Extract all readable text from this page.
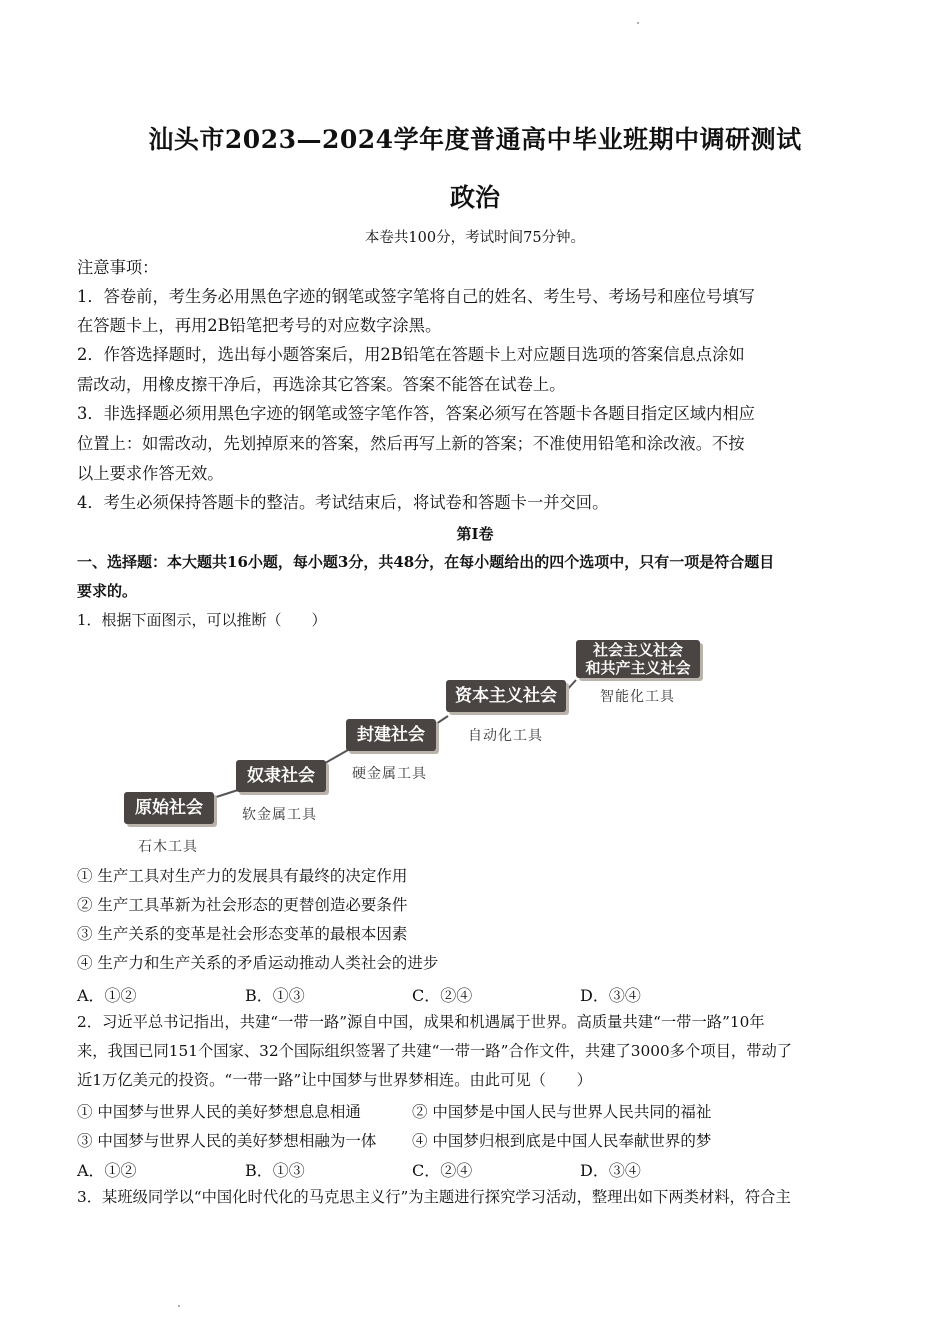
汕头市2023—2024学年度普通高中毕业班期中调研测试
政治
本卷共100分，考试时间75分钟。
注意事项：
1．答卷前，考生务必用黑色字迹的钢笔或签字笔将自己的姓名、考生号、考场号和座位号填写
在答题卡上，再用2B铅笔把考号的对应数字涂黑。
2．作答选择题时，选出每小题答案后，用2B铅笔在答题卡上对应题目选项的答案信息点涂如
需改动，用橡皮擦干净后，再选涂其它答案。答案不能答在试卷上。
3．非选择题必须用黑色字迹的钢笔或签字笔作答，答案必须写在答题卡各题目指定区域内相应
位置上：如需改动，先划掉原来的答案，然后再写上新的答案；不准使用铅笔和涂改液。不按
以上要求作答无效。
4．考生必须保持答题卡的整洁。考试结束后，将试卷和答题卡一并交回。
第Ⅰ卷
一、选择题：本大题共16小题，每小题3分，共48分，在每小题给出的四个选项中，只有一项是符合题目
要求的。
1．根据下面图示，可以推断（　　）
原始社会
石木工具
奴隶社会
软金属工具
封建社会
硬金属工具
资本主义社会
自动化工具
社会主义社会
和共产主义社会
智能化工具
① 生产工具对生产力的发展具有最终的决定作用
② 生产工具革新为社会形态的更替创造必要条件
③ 生产关系的变革是社会形态变革的最根本因素
④ 生产力和生产关系的矛盾运动推动人类社会的进步
A．①②	B．①③	C．②④	D．③④
2．习近平总书记指出，共建“一带一路”源自中国，成果和机遇属于世界。高质量共建“一带一路”10年
来，我国已同151个国家、32个国际组织签署了共建“一带一路”合作文件，共建了3000多个项目，带动了
近1万亿美元的投资。“一带一路”让中国梦与世界梦相连。由此可见（　　）
① 中国梦与世界人民的美好梦想息息相通	② 中国梦是中国人民与世界人民共同的福祉
③ 中国梦与世界人民的美好梦想相融为一体 ④ 中国梦归根到底是中国人民奉献世界的梦
A．①②	B．①③	C．②④	D．③④
3．某班级同学以“中国化时代化的马克思主义行”为主题进行探究学习活动，整理出如下两类材料，符合主
